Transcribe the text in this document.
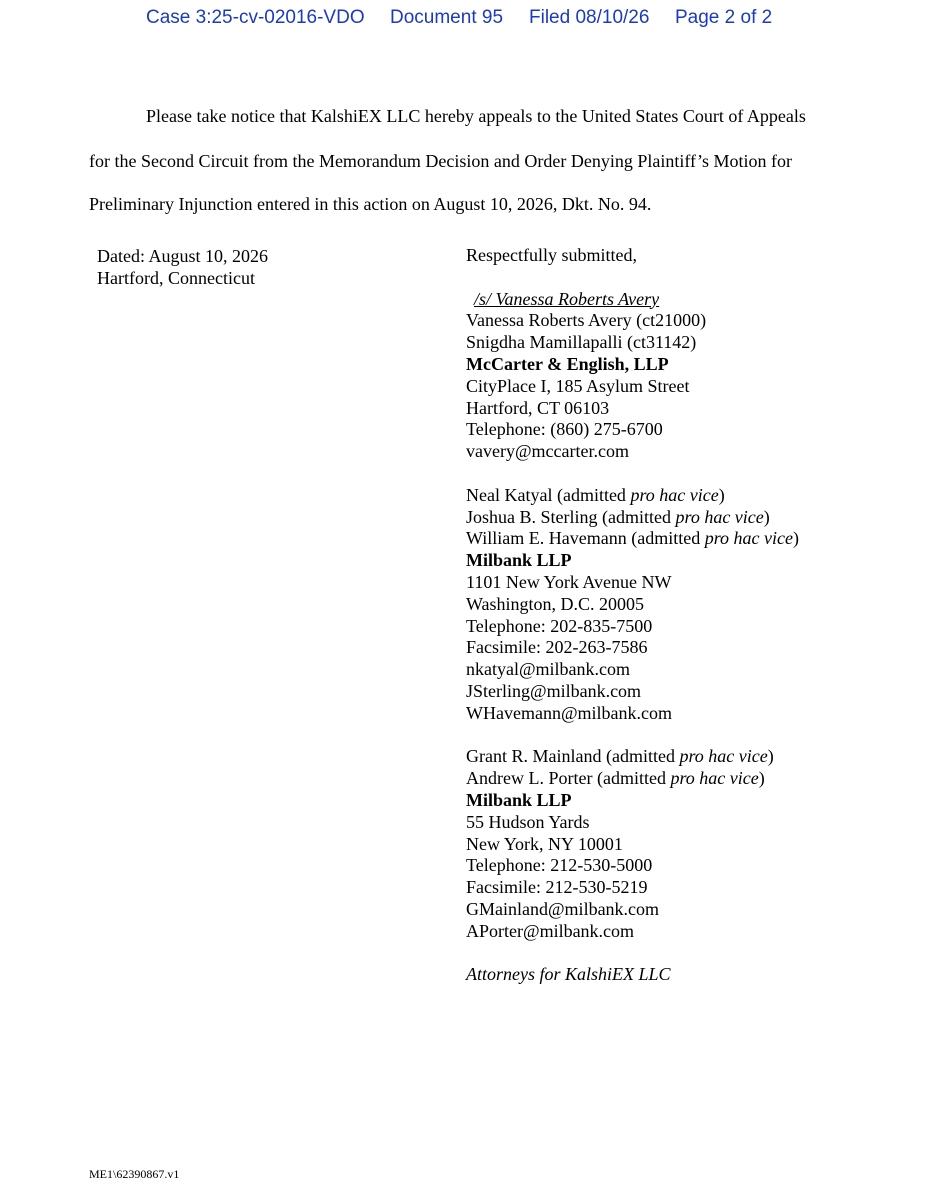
Case 3:25-cv-02016-VDO Document 95 Filed 08/10/26 Page 2 of 2
Please take notice that KalshiEX LLC hereby appeals to the United States Court of Appeals
for the Second Circuit from the Memorandum Decision and Order Denying Plaintiff’s Motion for
Preliminary Injunction entered in this action on August 10, 2026, Dkt. No. 94.
Dated: August 10, 2026
Hartford, Connecticut
Respectfully submitted,
/s/ Vanessa Roberts Avery
Vanessa Roberts Avery (ct21000)
Snigdha Mamillapalli (ct31142)
McCarter & English, LLP
CityPlace I, 185 Asylum Street
Hartford, CT 06103
Telephone: (860) 275-6700
vavery@mccarter.com
Neal Katyal (admitted pro hac vice)
Joshua B. Sterling (admitted pro hac vice)
William E. Havemann (admitted pro hac vice)
Milbank LLP
1101 New York Avenue NW
Washington, D.C. 20005
Telephone: 202-835-7500
Facsimile: 202-263-7586
nkatyal@milbank.com
JSterling@milbank.com
WHavemann@milbank.com
Grant R. Mainland (admitted pro hac vice)
Andrew L. Porter (admitted pro hac vice)
Milbank LLP
55 Hudson Yards
New York, NY 10001
Telephone: 212-530-5000
Facsimile: 212-530-5219
GMainland@milbank.com
APorter@milbank.com
Attorneys for KalshiEX LLC
ME1\62390867.v1
